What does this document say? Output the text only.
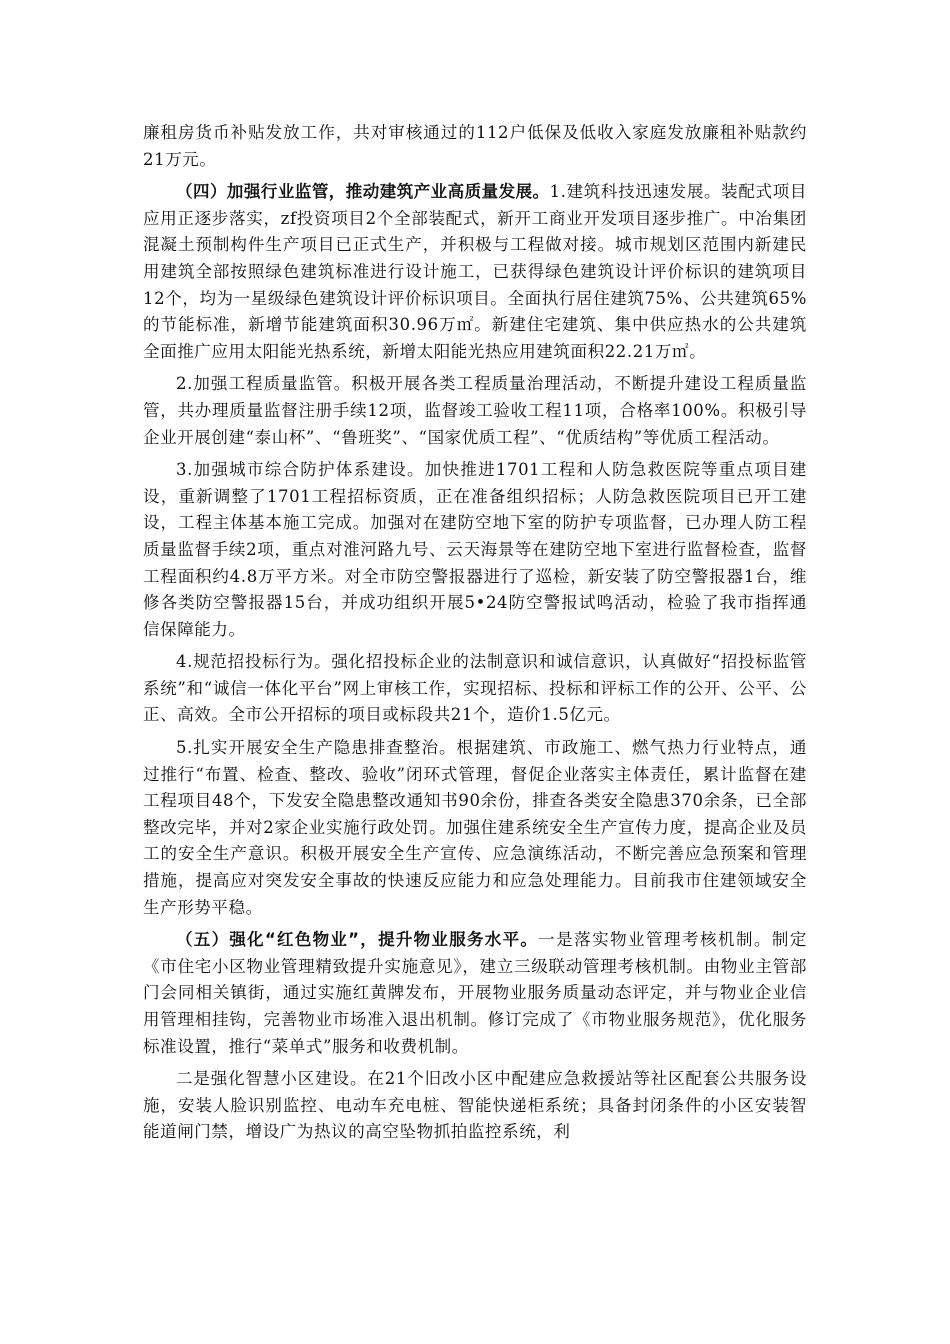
廉租房货币补贴发放工作，共对审核通过的112户低保及低收入家庭发放廉租补贴款约21万元。

（四）加强行业监管，推动建筑产业高质量发展。1.建筑科技迅速发展。装配式项目应用正逐步落实，zf投资项目2个全部装配式，新开工商业开发项目逐步推广。中冶集团混凝土预制构件生产项目已正式生产，并积极与工程做对接。城市规划区范围内新建民用建筑全部按照绿色建筑标准进行设计施工，已获得绿色建筑设计评价标识的建筑项目12个，均为一星级绿色建筑设计评价标识项目。全面执行居住建筑75%、公共建筑65%的节能标准，新增节能建筑面积30.96万㎡。新建住宅建筑、集中供应热水的公共建筑全面推广应用太阳能光热系统，新增太阳能光热应用建筑面积22.21万㎡。

2.加强工程质量监管。积极开展各类工程质量治理活动，不断提升建设工程质量监管，共办理质量监督注册手续12项，监督竣工验收工程11项，合格率100%。积极引导企业开展创建“泰山杯”、“鲁班奖”、“国家优质工程”、“优质结构”等优质工程活动。

3.加强城市综合防护体系建设。加快推进1701工程和人防急救医院等重点项目建设，重新调整了1701工程招标资质，正在准备组织招标；人防急救医院项目已开工建设，工程主体基本施工完成。加强对在建防空地下室的防护专项监督，已办理人防工程质量监督手续2项，重点对淮河路九号、云天海景等在建防空地下室进行监督检查，监督工程面积约4.8万平方米。对全市防空警报器进行了巡检，新安装了防空警报器1台，维修各类防空警报器15台，并成功组织开展5•24防空警报试鸣活动，检验了我市指挥通信保障能力。

4.规范招投标行为。强化招投标企业的法制意识和诚信意识，认真做好“招投标监管系统”和“诚信一体化平台”网上审核工作，实现招标、投标和评标工作的公开、公平、公正、高效。全市公开招标的项目或标段共21个，造价1.5亿元。

5.扎实开展安全生产隐患排查整治。根据建筑、市政施工、燃气热力行业特点，通过推行“布置、检查、整改、验收”闭环式管理，督促企业落实主体责任，累计监督在建工程项目48个，下发安全隐患整改通知书90余份，排查各类安全隐患370余条，已全部整改完毕，并对2家企业实施行政处罚。加强住建系统安全生产宣传力度，提高企业及员工的安全生产意识。积极开展安全生产宣传、应急演练活动，不断完善应急预案和管理措施，提高应对突发安全事故的快速反应能力和应急处理能力。目前我市住建领域安全生产形势平稳。

（五）强化“红色物业”，提升物业服务水平。一是落实物业管理考核机制。制定《市住宅小区物业管理精致提升实施意见》，建立三级联动管理考核机制。由物业主管部门会同相关镇街，通过实施红黄牌发布，开展物业服务质量动态评定，并与物业企业信用管理相挂钩，完善物业市场准入退出机制。修订完成了《市物业服务规范》，优化服务标准设置，推行“菜单式”服务和收费机制。

二是强化智慧小区建设。在21个旧改小区中配建应急救援站等社区配套公共服务设施，安装人脸识别监控、电动车充电桩、智能快递柜系统；具备封闭条件的小区安装智能道闸门禁，增设广为热议的高空坠物抓拍监控系统，利
